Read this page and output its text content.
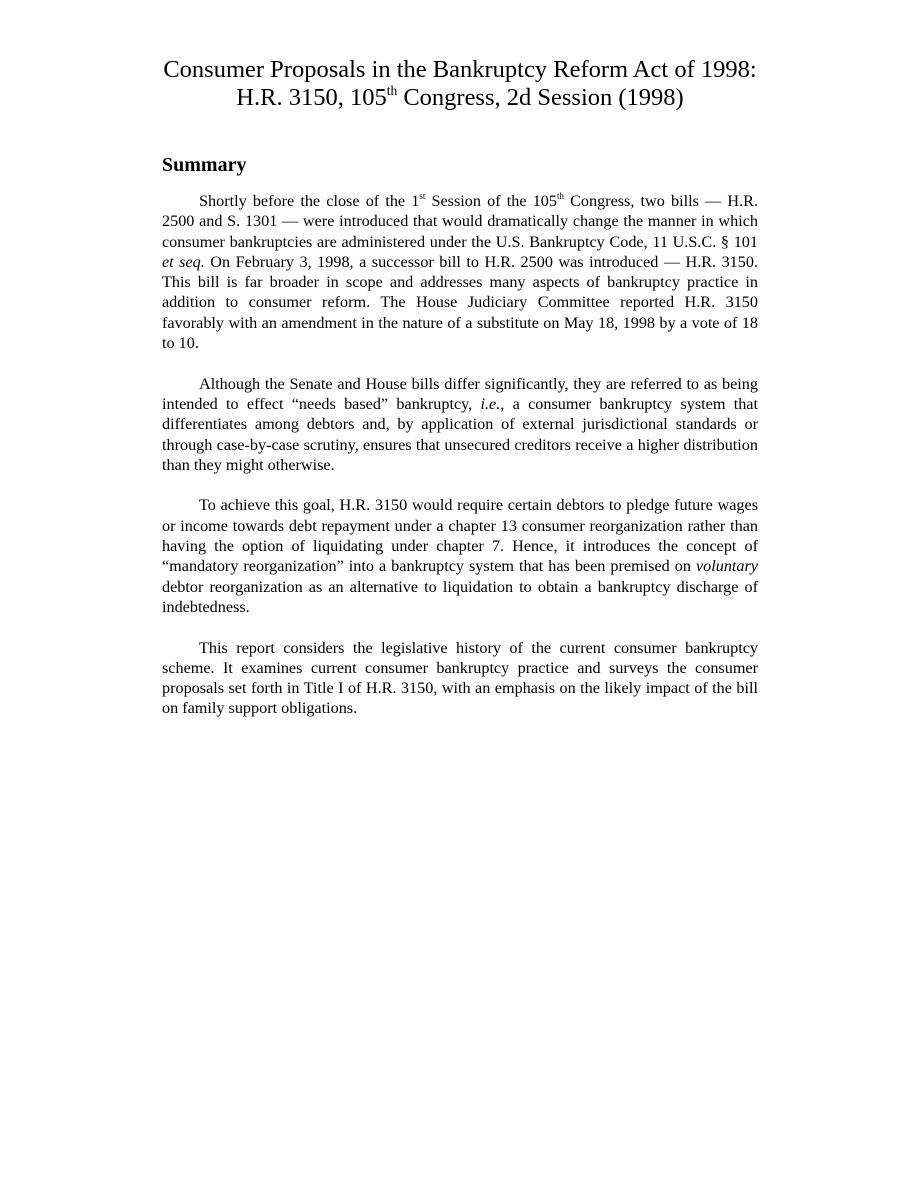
Consumer Proposals in the Bankruptcy Reform Act of 1998:
H.R. 3150, 105th Congress, 2d Session (1998)
Summary

Shortly before the close of the 1st Session of the 105th Congress, two bills — H.R. 2500 and S. 1301 — were introduced that would dramatically change the manner in which consumer bankruptcies are administered under the U.S. Bankruptcy Code, 11 U.S.C. § 101 et seq. On February 3, 1998, a successor bill to H.R. 2500 was introduced — H.R. 3150. This bill is far broader in scope and addresses many aspects of bankruptcy practice in addition to consumer reform. The House Judiciary Committee reported H.R. 3150 favorably with an amendment in the nature of a substitute on May 18, 1998 by a vote of 18 to 10.

Although the Senate and House bills differ significantly, they are referred to as being intended to effect “needs based” bankruptcy, i.e., a consumer bankruptcy system that differentiates among debtors and, by application of external jurisdictional standards or through case-by-case scrutiny, ensures that unsecured creditors receive a higher distribution than they might otherwise.

To achieve this goal, H.R. 3150 would require certain debtors to pledge future wages or income towards debt repayment under a chapter 13 consumer reorganization rather than having the option of liquidating under chapter 7. Hence, it introduces the concept of “mandatory reorganization” into a bankruptcy system that has been premised on voluntary debtor reorganization as an alternative to liquidation to obtain a bankruptcy discharge of indebtedness.

This report considers the legislative history of the current consumer bankruptcy scheme. It examines current consumer bankruptcy practice and surveys the consumer proposals set forth in Title I of H.R. 3150, with an emphasis on the likely impact of the bill on family support obligations.
